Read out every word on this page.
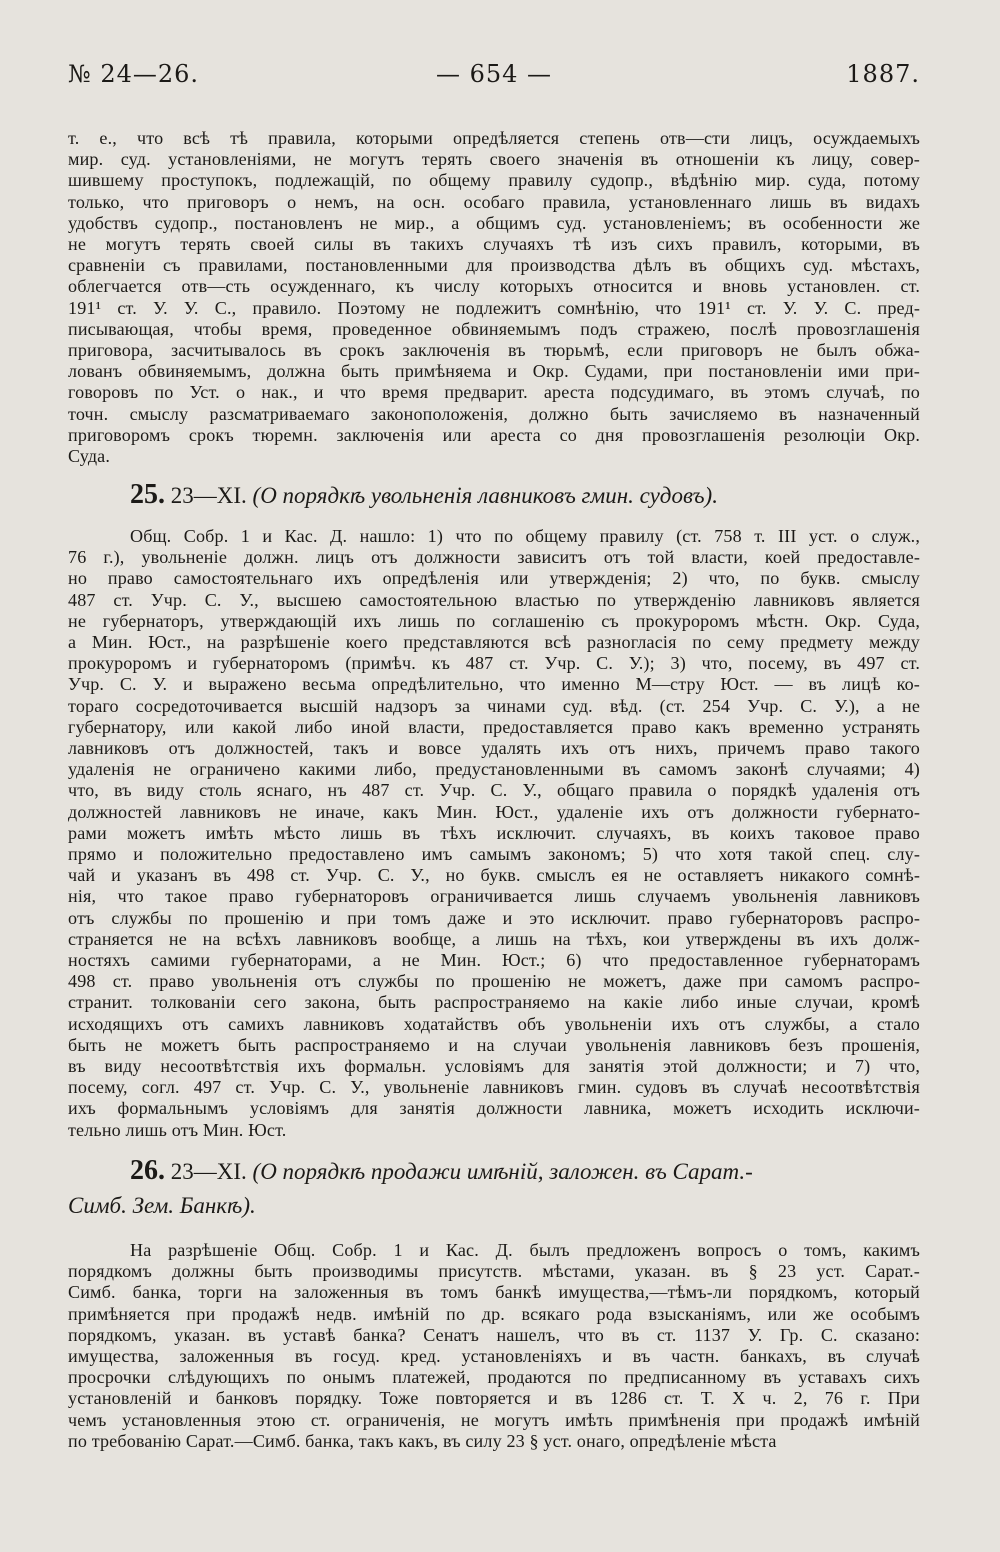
№ 24—26.	— 654 —	1887.
т. е., что всѣ тѣ правила, которыми опредѣляется степень отв—сти лицъ, осуждаемыхъ
мир. суд. установленiями, не могутъ терять своего значенiя въ отношенiи къ лицу, совер-
шившему проступокъ, подлежащiй, по общему правилу судопр., вѣдѣнiю мир. суда, потому
только, что приговоръ о немъ, на осн. особаго правила, установленнаго лишь въ видахъ
удобствъ судопр., постановленъ не мир., а общимъ суд. установленiемъ; въ особенности же
не могутъ терять своей силы въ такихъ случаяхъ тѣ изъ сихъ правилъ, которыми, въ
сравненiи съ правилами, постановленными для производства дѣлъ въ общихъ суд. мѣстахъ,
облегчается отв—сть осужденнаго, къ числу которыхъ относится и вновь установлен. ст.
191¹ ст. У. У. С., правило. Поэтому не подлежитъ сомнѣнiю, что 191¹ ст. У. У. С. пред-
писывающая, чтобы время, проведенное обвиняемымъ подъ стражею, послѣ провозглашенiя
приговора, засчитывалось въ срокъ заключенiя въ тюрьмѣ, если приговоръ не былъ обжа-
лованъ обвиняемымъ, должна быть примѣняема и Окр. Судами, при постановленiи ими при-
говоровъ по Уст. о нак., и что время предварит. ареста подсудимаго, въ этомъ случаѣ, по
точн. смыслу разсматриваемаго законоположенiя, должно быть зачисляемо въ назначенный
приговоромъ срокъ тюремн. заключенiя или ареста со дня провозглашенiя резолюцiи Окр.
Суда.
25. 23—XI. (О порядкѣ увольненiя лавниковъ гмин. судовъ).
Общ. Собр. 1 и Кас. Д. нашло: 1) что по общему правилу (ст. 758 т. III уст. о служ.,
76 г.), увольненiе должн. лицъ отъ должности зависитъ отъ той власти, коей предоставле-
но право самостоятельнаго ихъ опредѣленiя или утвержденiя; 2) что, по букв. смыслу
487 ст. Учр. С. У., высшею самостоятельною властью по утвержденiю лавниковъ является
не губернаторъ, утверждающiй ихъ лишь по соглашенiю съ прокуроромъ мѣстн. Окр. Суда,
а Мин. Юст., на разрѣшенiе коего представляются всѣ разногласiя по сему предмету между
прокуроромъ и губернаторомъ (примѣч. къ 487 ст. Учр. С. У.); 3) что, посему, въ 497 ст.
Учр. С. У. и выражено весьма опредѣлительно, что именно М—стру Юст. — въ лицѣ ко-
тораго сосредоточивается высшiй надзоръ за чинами суд. вѣд. (ст. 254 Учр. С. У.), а не
губернатору, или какой либо иной власти, предоставляется право какъ временно устранять
лавниковъ отъ должностей, такъ и вовсе удалять ихъ отъ нихъ, причемъ право такого
удаленiя не ограничено какими либо, предустановленными въ самомъ законѣ случаями; 4)
что, въ виду столь яснаго, нъ 487 ст. Учр. С. У., общаго правила о порядкѣ удаленiя отъ
должностей лавниковъ не иначе, какъ Мин. Юст., удаленiе ихъ отъ должности губернато-
рами можетъ имѣть мѣсто лишь въ тѣхъ исключит. случаяхъ, въ коихъ таковое право
прямо и положительно предоставлено имъ самымъ закономъ; 5) что хотя такой спец. слу-
чай и указанъ въ 498 ст. Учр. С. У., но букв. смыслъ ея не оставляетъ никакого сомнѣ-
нiя, что такое право губернаторовъ ограничивается лишь случаемъ увольненiя лавниковъ
отъ службы по прошенiю и при томъ даже и это исключит. право губернаторовъ распро-
страняется не на всѣхъ лавниковъ вообще, а лишь на тѣхъ, кои утверждены въ ихъ долж-
ностяхъ самими губернаторами, а не Мин. Юст.; 6) что предоставленное губернаторамъ
498 ст. право увольненiя отъ службы по прошенiю не можетъ, даже при самомъ распро-
странит. толкованiи сего закона, быть распространяемо на какiе либо иные случаи, кромѣ
исходящихъ отъ самихъ лавниковъ ходатайствъ объ увольненiи ихъ отъ службы, а стало
быть не можетъ быть распространяемо и на случаи увольненiя лавниковъ безъ прошенiя,
въ виду несоотвѣтствiя ихъ формальн. условiямъ для занятiя этой должности; и 7) что,
посему, согл. 497 ст. Учр. С. У., увольненiе лавниковъ гмин. судовъ въ случаѣ несоотвѣтствiя
ихъ формальнымъ условiямъ для занятiя должности лавника, можетъ исходить исключи-
тельно лишь отъ Мин. Юст.
26. 23—XI. (О порядкѣ продажи имѣнiй, заложен. въ Сарат.-
Симб. Зем. Банкѣ).
На разрѣшенiе Общ. Собр. 1 и Кас. Д. былъ предложенъ вопросъ о томъ, какимъ
порядкомъ должны быть производимы присутств. мѣстами, указан. въ § 23 уст. Сарат.-
Симб. банка, торги на заложенныя въ томъ банкѣ имущества,—тѣмъ-ли порядкомъ, который
примѣняется при продажѣ недв. имѣнiй по др. всякаго рода взысканiямъ, или же особымъ
порядкомъ, указан. въ уставѣ банка? Сенатъ нашелъ, что въ ст. 1137 У. Гр. С. сказано:
имущества, заложенныя въ госуд. кред. установленiяхъ и въ частн. банкахъ, въ случаѣ
просрочки слѣдующихъ по онымъ платежей, продаются по предписанному въ уставахъ сихъ
установленiй и банковъ порядку. Тоже повторяется и въ 1286 ст. Т. X ч. 2, 76 г. При
чемъ установленныя этою ст. ограниченiя, не могутъ имѣть примѣненiя при продажѣ имѣнiй
по требованiю Сарат.—Симб. банка, такъ какъ, въ силу 23 § уст. онаго, опредѣленiе мѣста
